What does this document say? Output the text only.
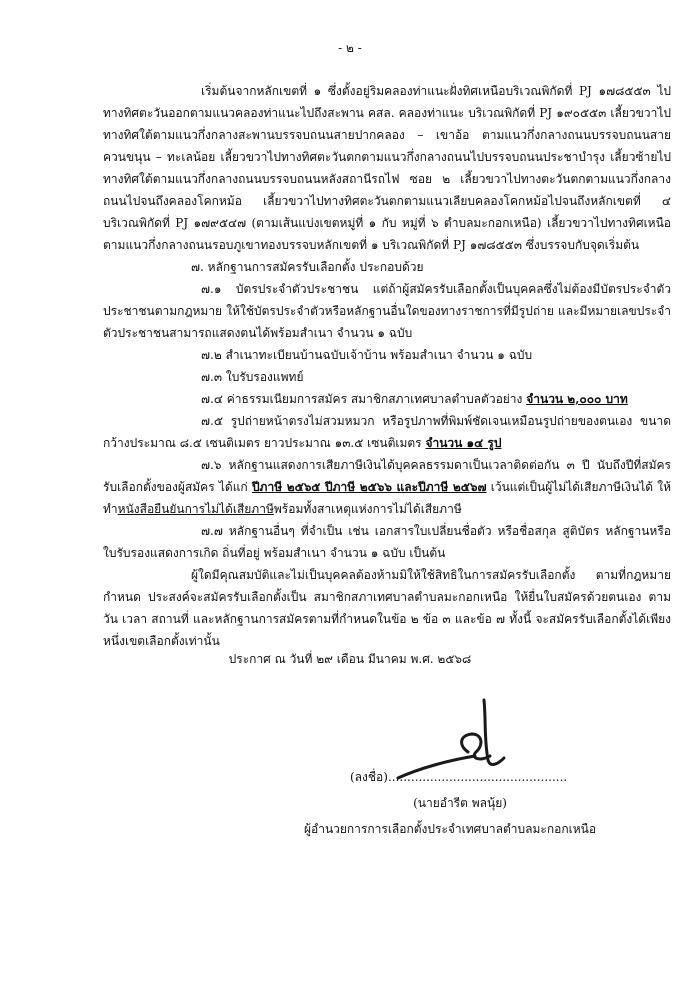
- ๒ -

เริ่มต้นจากหลักเขตที่ ๑ ซึ่งตั้งอยู่ริมคลองท่าแนะฝั่งทิศเหนือบริเวณพิกัดที่ PJ ๑๗๘๕๕๓ ไปทางทิศตะวันออกตามแนวคลองท่าแนะไปถึงสะพาน คสล. คลองท่าแนะ บริเวณพิกัดที่ PJ ๑๙๐๕๕๓ เลี้ยวขวาไปทางทิศใต้ตามแนวกึ่งกลางสะพานบรรจบถนนสายปากคลอง – เขาอ้อ ตามแนวกึ่งกลางถนนบรรจบถนนสายควนขนุน – ทะเลน้อย เลี้ยวขวาไปทางทิศตะวันตกตามแนวกึ่งกลางถนนไปบรรจบถนนประชาบำรุง เลี้ยวซ้ายไปทางทิศใต้ตามแนวกึ่งกลางถนนบรรจบถนนหลังสถานีรถไฟ ซอย ๒ เลี้ยวขวาไปทางตะวันตกตามแนวกึ่งกลางถนนไปจนถึงคลองโคกหม้อ เลี้ยวขวาไปทางทิศตะวันตกตามแนวเลียบคลองโคกหม้อไปจนถึงหลักเขตที่ ๔ บริเวณพิกัดที่ PJ ๑๗๙๕๔๗ (ตามเส้นแบ่งเขตหมู่ที่ ๑ กับ หมู่ที่ ๖ ตำบลมะกอกเหนือ) เลี้ยวขวาไปทางทิศเหนือ ตามแนวกึ่งกลางถนนรอบภูเขาทองบรรจบหลักเขตที่ ๑ บริเวณพิกัดที่ PJ ๑๗๘๕๕๓ ซึ่งบรรจบกับจุดเริ่มต้น

๗. หลักฐานการสมัครรับเลือกตั้ง ประกอบด้วย

๗.๑ บัตรประจำตัวประชาชน แต่ถ้าผู้สมัครรับเลือกตั้งเป็นบุคคลซึ่งไม่ต้องมีบัตรประจำตัวประชาชนตามกฎหมาย ให้ใช้บัตรประจำตัวหรือหลักฐานอื่นใดของทางราชการที่มีรูปถ่าย และมีหมายเลขประจำตัวประชาชนสามารถแสดงตนได้พร้อมสำเนา จำนวน ๑ ฉบับ

๗.๒ สำเนาทะเบียนบ้านฉบับเจ้าบ้าน พร้อมสำเนา จำนวน ๑ ฉบับ

๗.๓ ใบรับรองแพทย์

๗.๔ ค่าธรรมเนียมการสมัคร สมาชิกสภาเทศบาลตำบลตัวอย่าง จำนวน ๒,๐๐๐ บาท

๗.๕ รูปถ่ายหน้าตรงไม่สวมหมวก หรือรูปภาพที่พิมพ์ชัดเจนเหมือนรูปถ่ายของตนเอง ขนาดกว้างประมาณ ๘.๕ เซนติเมตร ยาวประมาณ ๑๓.๕ เซนติเมตร จำนวน ๑๔ รูป

๗.๖ หลักฐานแสดงการเสียภาษีเงินได้บุคคลธรรมดาเป็นเวลาติดต่อกัน ๓ ปี นับถึงปีที่สมัครรับเลือกตั้งของผู้สมัคร ได้แก่ ปีภาษี ๒๕๖๕ ปีภาษี ๒๕๖๖ และปีภาษี ๒๕๖๗ เว้นแต่เป็นผู้ไม่ได้เสียภาษีเงินได้ ให้ทำหนังสือยืนยันการไม่ได้เสียภาษีพร้อมทั้งสาเหตุแห่งการไม่ได้เสียภาษี

๗.๗ หลักฐานอื่นๆ ที่จำเป็น เช่น เอกสารใบเปลี่ยนชื่อตัว หรือชื่อสกุล สูติบัตร หลักฐานหรือใบรับรองแสดงการเกิด ถิ่นที่อยู่ พร้อมสำเนา จำนวน ๑ ฉบับ เป็นต้น

ผู้ใดมีคุณสมบัติและไม่เป็นบุคคลต้องห้ามมิให้ใช้สิทธิในการสมัครรับเลือกตั้ง ตามที่กฎหมายกำหนด ประสงค์จะสมัครรับเลือกตั้งเป็น สมาชิกสภาเทศบาลตำบลมะกอกเหนือ ให้ยื่นใบสมัครด้วยตนเอง ตามวัน เวลา สถานที่ และหลักฐานการสมัครตามที่กำหนดในข้อ ๒ ข้อ ๓ และข้อ ๗ ทั้งนี้ จะสมัครรับเลือกตั้งได้เพียงหนึ่งเขตเลือกตั้งเท่านั้น

ประกาศ ณ วันที่ ๒๙ เดือน มีนาคม พ.ศ. ๒๕๖๘
(ลงชื่อ)...............................................
(นายอำรีต พลนุ้ย)
ผู้อำนวยการการเลือกตั้งประจำเทศบาลตำบลมะกอกเหนือ
